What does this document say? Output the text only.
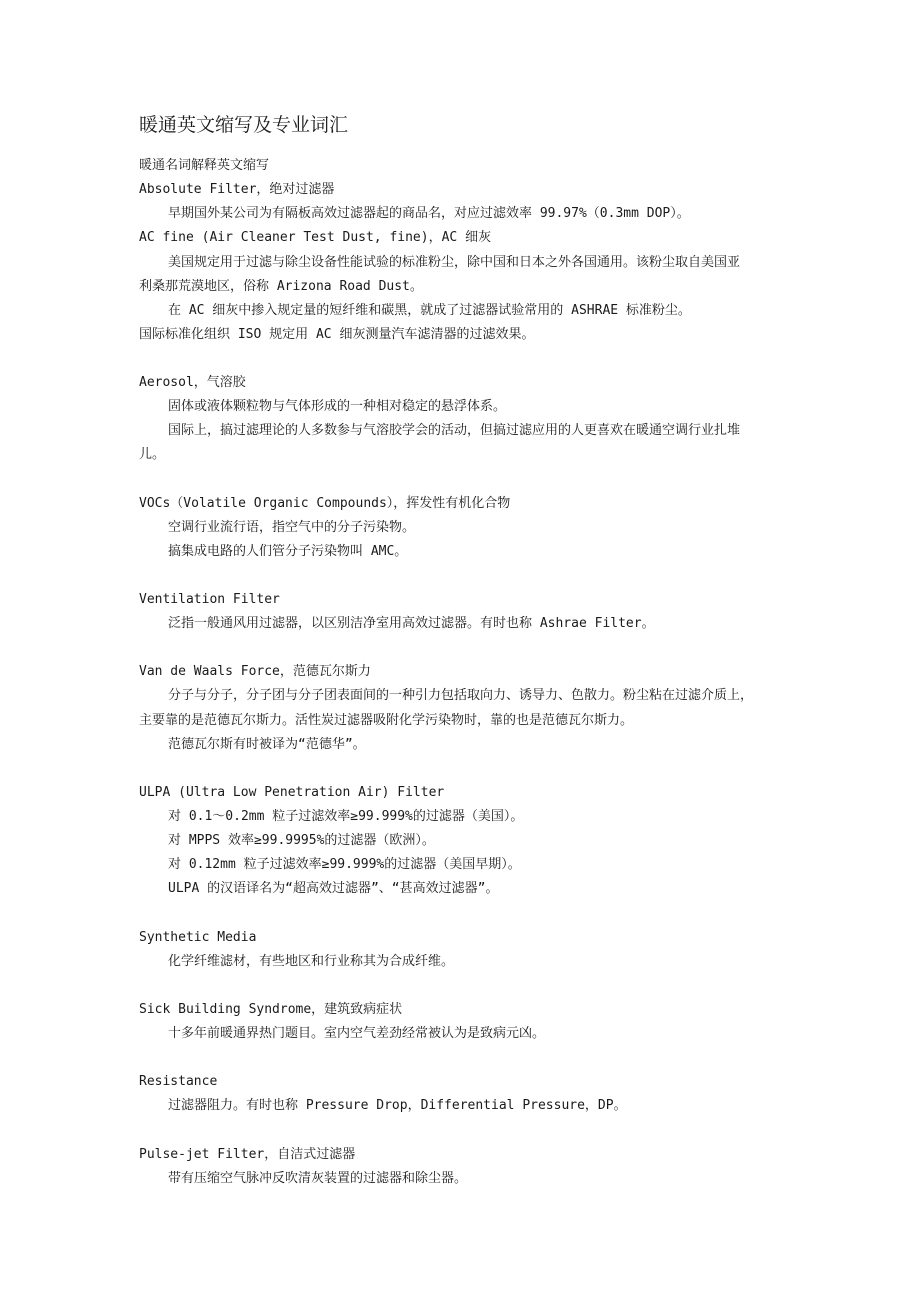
暖通英文缩写及专业词汇
暖通名词解释英文缩写
Absolute Filter，绝对过滤器
早期国外某公司为有隔板高效过滤器起的商品名，对应过滤效率 99.97%（0.3mm DOP）。
AC fine (Air Cleaner Test Dust, fine)，AC 细灰
美国规定用于过滤与除尘设备性能试验的标准粉尘，除中国和日本之外各国通用。该粉尘取自美国亚
利桑那荒漠地区，俗称 Arizona Road Dust。
在 AC 细灰中掺入规定量的短纤维和碳黑，就成了过滤器试验常用的 ASHRAE 标准粉尘。
国际标准化组织 ISO 规定用 AC 细灰测量汽车滤清器的过滤效果。
Aerosol，气溶胶
固体或液体颗粒物与气体形成的一种相对稳定的悬浮体系。
国际上，搞过滤理论的人多数参与气溶胶学会的活动，但搞过滤应用的人更喜欢在暖通空调行业扎堆
儿。
VOCs（Volatile Organic Compounds），挥发性有机化合物
空调行业流行语，指空气中的分子污染物。
搞集成电路的人们管分子污染物叫 AMC。
Ventilation Filter
泛指一般通风用过滤器，以区别洁净室用高效过滤器。有时也称 Ashrae Filter。
Van de Waals Force，范德瓦尔斯力
分子与分子，分子团与分子团表面间的一种引力包括取向力、诱导力、色散力。粉尘粘在过滤介质上，
主要靠的是范德瓦尔斯力。活性炭过滤器吸附化学污染物时，靠的也是范德瓦尔斯力。
范德瓦尔斯有时被译为“范德华”。
ULPA (Ultra Low Penetration Air) Filter
对 0.1～0.2mm 粒子过滤效率≥99.999%的过滤器（美国）。
对 MPPS 效率≥99.9995%的过滤器（欧洲）。
对 0.12mm 粒子过滤效率≥99.999%的过滤器（美国早期）。
ULPA 的汉语译名为“超高效过滤器”、“甚高效过滤器”。
Synthetic Media
化学纤维滤材，有些地区和行业称其为合成纤维。
Sick Building Syndrome，建筑致病症状
十多年前暖通界热门题目。室内空气差劲经常被认为是致病元凶。
Resistance
过滤器阻力。有时也称 Pressure Drop，Differential Pressure，DP。
Pulse-jet Filter，自洁式过滤器
带有压缩空气脉冲反吹清灰装置的过滤器和除尘器。
